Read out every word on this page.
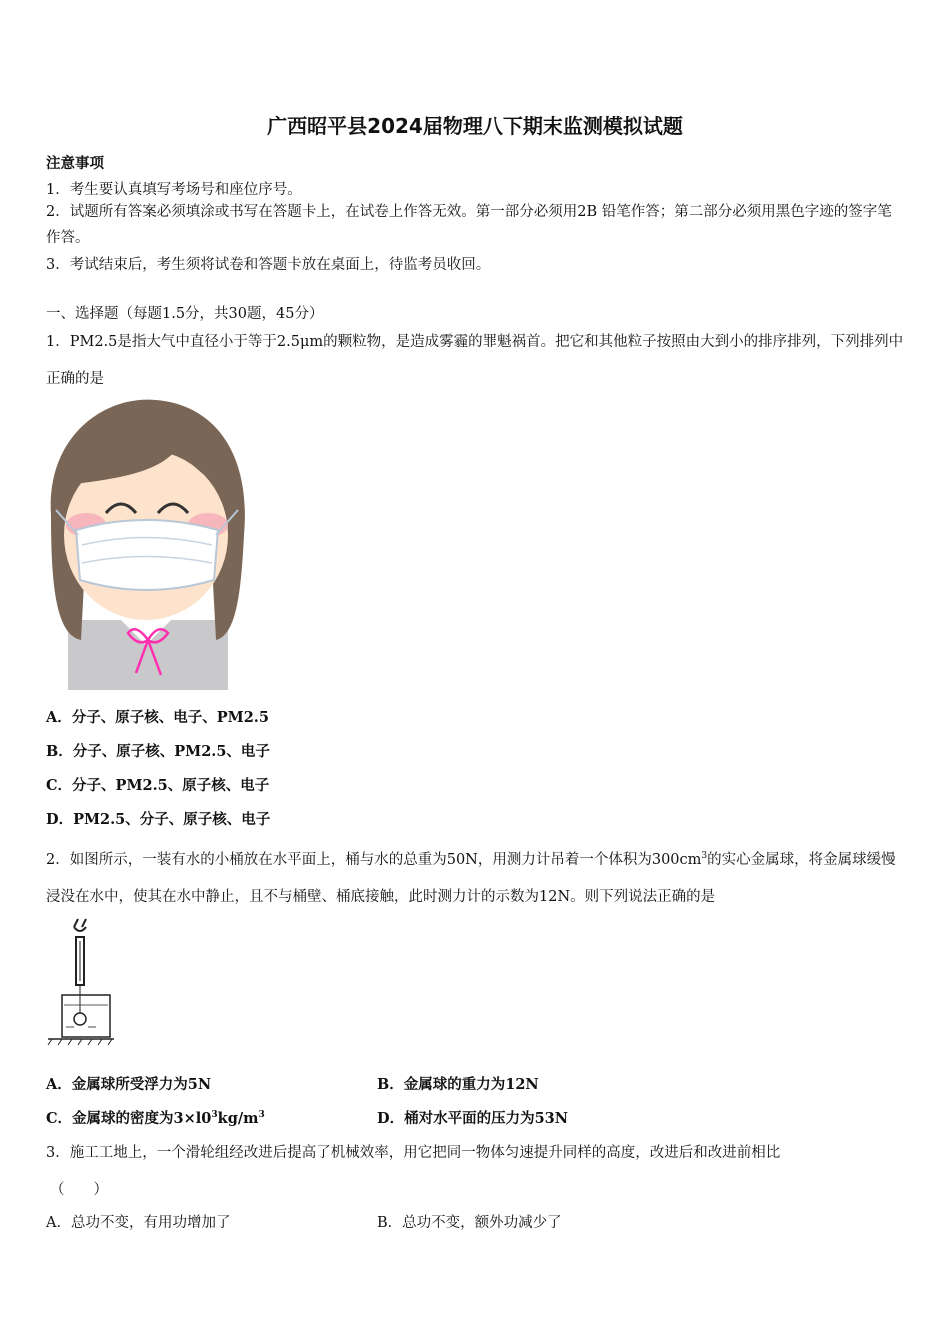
广西昭平县2024届物理八下期末监测模拟试题
注意事项
1．考生要认真填写考场号和座位序号。
2．试题所有答案必须填涂或书写在答题卡上，在试卷上作答无效。第一部分必须用2B 铅笔作答；第二部分必须用黑色字迹的签字笔作答。
3．考试结束后，考生须将试卷和答题卡放在桌面上，待监考员收回。
一、选择题（每题1.5分，共30题，45分）
1．PM2.5是指大气中直径小于等于2.5μm的颗粒物，是造成雾霾的罪魁祸首。把它和其他粒子按照由大到小的排序排列，下列排列中正确的是
A．分子、原子核、电子、PM2.5
B．分子、原子核、PM2.5、电子
C．分子、PM2.5、原子核、电子
D．PM2.5、分子、原子核、电子
2．如图所示，一装有水的小桶放在水平面上，桶与水的总重为50N，用测力计吊着一个体积为$300cm^3$的实心金属球，将金属球缓慢浸没在水中，使其在水中静止，且不与桶壁、桶底接触，此时测力计的示数为12N。则下列说法正确的是
A．金属球所受浮力为5N	B．金属球的重力为12N
C．金属球的密度为$3\times l0^3kg/m^3$	D．桶对水平面的压力为53N
3．施工工地上，一个滑轮组经改进后提高了机械效率，用它把同一物体匀速提升同样的高度，改进后和改进前相比
（　　）
A．总功不变，有用功增加了	B．总功不变，额外功减少了
